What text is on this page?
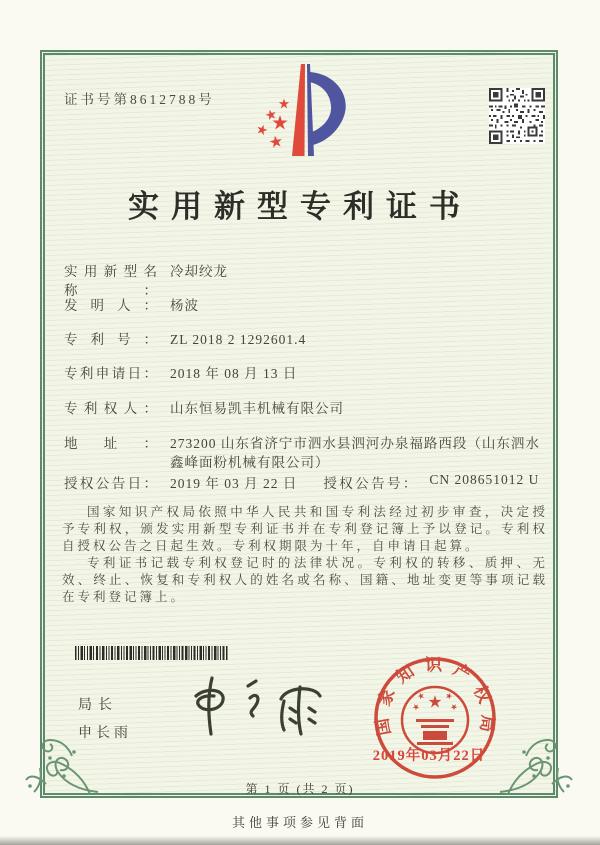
证书号第8612788号
实用新型专利证书
实用新型名称：
冷却绞龙
发明人： 杨波
专利号： ZL 2018 2 1292601.4
专利申请日： 2018 年 08 月 13 日
专利权人： 山东恒易凯丰机械有限公司
地址： 273200 山东省济宁市泗水县泗河办泉福路西段（山东泗水鑫峰面粉机械有限公司）
授权公告日： 2019 年 03 月 22 日 授权公告号： CN 208651012 U
国家知识产权局依照中华人民共和国专利法经过初步审查，决定授予专利权，颁发实用新型专利证书并在专利登记簿上予以登记。专利权自授权公告之日起生效。专利权期限为十年，自申请日起算。
专利证书记载专利权登记时的法律状况。专利权的转移、质押、无效、终止、恢复和专利权人的姓名或名称、国籍、地址变更等事项记载在专利登记簿上。
局长
申长雨	国家知识产权局
2019年03月22日
第 1 页 (共 2 页)
其他事项参见背面
